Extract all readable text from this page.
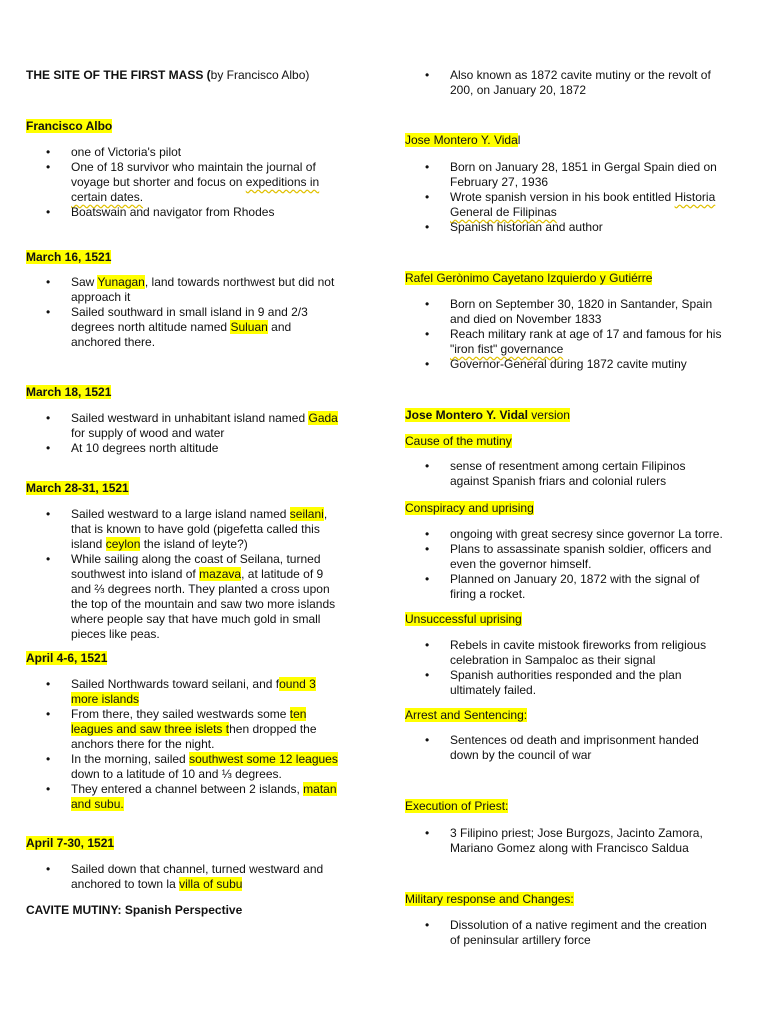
THE SITE OF THE FIRST MASS (by Francisco Albo)
Francisco Albo
• one of Victoria's pilot
• One of 18 survivor who maintain the journal of
voyage but shorter and focus on expeditions in
certain dates.
• Boatswain and navigator from Rhodes
March 16, 1521
• Saw Yunagan, land towards northwest but did not
approach it
• Sailed southward in small island in 9 and 2/3
degrees north altitude named Suluan and
anchored there.
March 18, 1521
• Sailed westward in unhabitant island named Gada
for supply of wood and water
• At 10 degrees north altitude
March 28-31, 1521
• Sailed westward to a large island named seilani,
that is known to have gold (pigefetta called this
island ceylon the island of leyte?)
• While sailing along the coast of Seilana, turned
southwest into island of mazava, at latitude of 9
and ⅔ degrees north. They planted a cross upon
the top of the mountain and saw two more islands
where people say that have much gold in small
pieces like peas.
April 4-6, 1521
• Sailed Northwards toward seilani, and found 3
more islands
• From there, they sailed westwards some ten
leagues and saw three islets then dropped the
anchors there for the night.
• In the morning, sailed southwest some 12 leagues
down to a latitude of 10 and ⅓ degrees.
• They entered a channel between 2 islands, matan
and subu.
April 7-30, 1521
• Sailed down that channel, turned westward and
anchored to town la villa of subu
CAVITE MUTINY: Spanish Perspective
• Also known as 1872 cavite mutiny or the revolt of
200, on January 20, 1872
Jose Montero Y. Vidal
• Born on January 28, 1851 in Gergal Spain died on
February 27, 1936
• Wrote spanish version in his book entitled Historia
General de Filipinas
• Spanish historian and author
Rafel Gerònimo Cayetano Izquierdo y Gutiérre
• Born on September 30, 1820 in Santander, Spain
and died on November 1833
• Reach military rank at age of 17 and famous for his
"iron fist" governance
• Governor-General during 1872 cavite mutiny
Jose Montero Y. Vidal version
Cause of the mutiny
• sense of resentment among certain Filipinos
against Spanish friars and colonial rulers
Conspiracy and uprising
• ongoing with great secresy since governor La torre.
• Plans to assassinate spanish soldier, officers and
even the governor himself.
• Planned on January 20, 1872 with the signal of
firing a rocket.
Unsuccessful uprising
• Rebels in cavite mistook fireworks from religious
celebration in Sampaloc as their signal
• Spanish authorities responded and the plan
ultimately failed.
Arrest and Sentencing:
• Sentences od death and imprisonment handed
down by the council of war
Execution of Priest:
• 3 Filipino priest; Jose Burgozs, Jacinto Zamora,
Mariano Gomez along with Francisco Saldua
Military response and Changes:
• Dissolution of a native regiment and the creation
of peninsular artillery force
